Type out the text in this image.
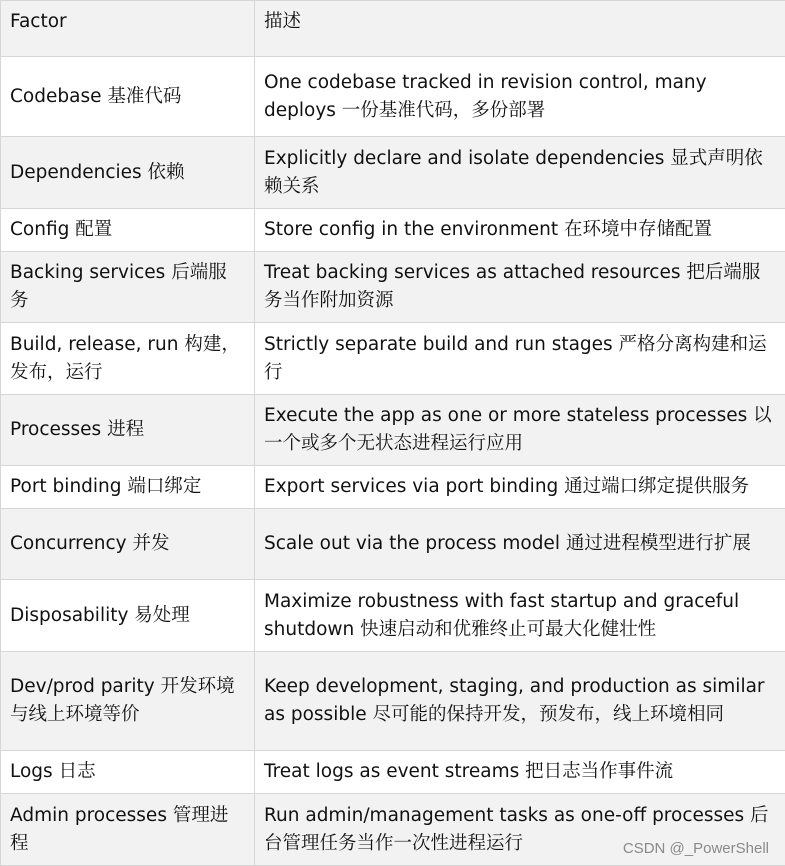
Factor	描述
Codebase 基准代码	One codebase tracked in revision control, many deploys 一份基准代码，多份部署
Dependencies 依赖	Explicitly declare and isolate dependencies 显式声明依赖关系
Config 配置	Store config in the environment 在环境中存储配置
Backing services 后端服务	Treat backing services as attached resources 把后端服务当作附加资源
Build, release, run 构建，发布，运行	Strictly separate build and run stages 严格分离构建和运行
Processes 进程	Execute the app as one or more stateless processes 以一个或多个无状态进程运行应用
Port binding 端口绑定	Export services via port binding 通过端口绑定提供服务
Concurrency 并发	Scale out via the process model 通过进程模型进行扩展
Disposability 易处理	Maximize robustness with fast startup and graceful shutdown 快速启动和优雅终止可最大化健壮性
Dev/prod parity 开发环境与线上环境等价	Keep development, staging, and production as similar as possible 尽可能的保持开发，预发布，线上环境相同
Logs 日志	Treat logs as event streams 把日志当作事件流
Admin processes 管理进程	Run admin/management tasks as one-off processes 后台管理任务当作一次性进程运行	CSDN @_PowerShell
